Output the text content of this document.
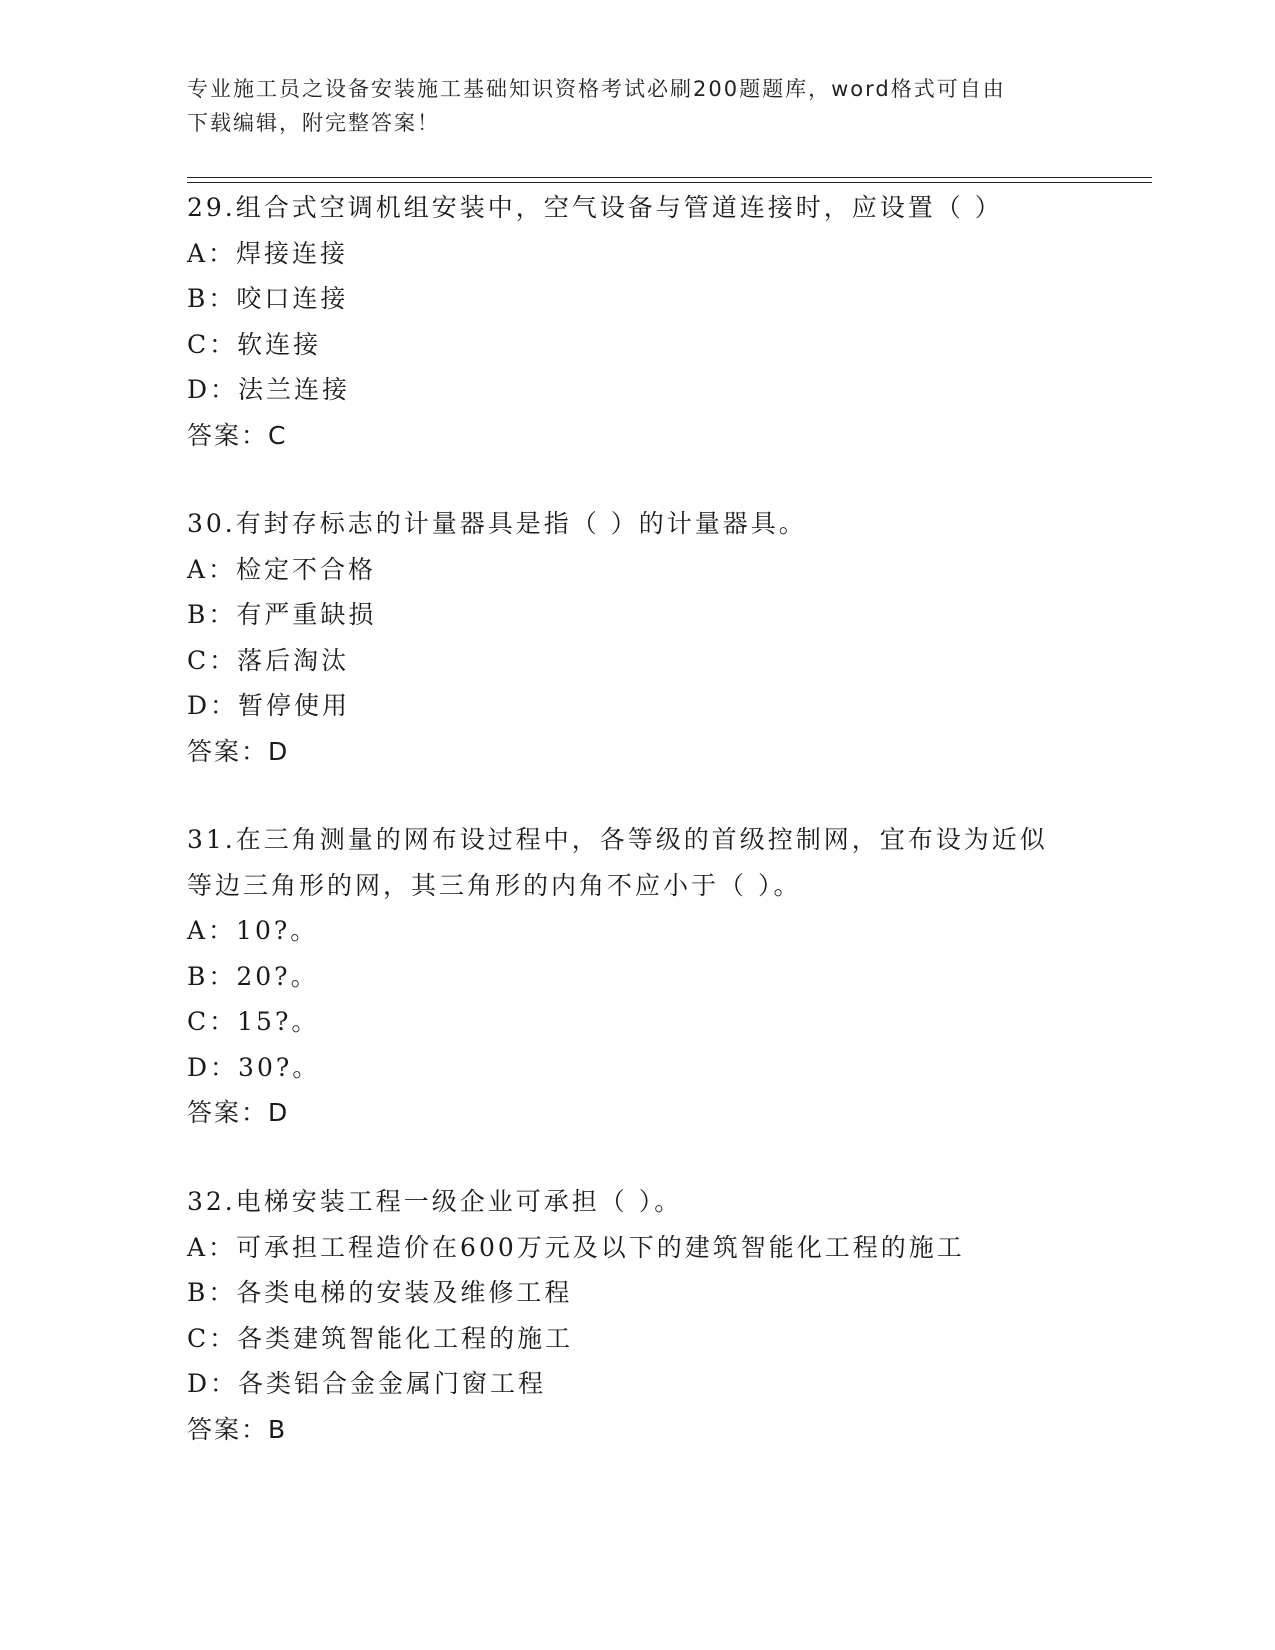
专业施工员之设备安装施工基础知识资格考试必刷200题题库，word格式可自由
下载编辑，附完整答案！
29.组合式空调机组安装中，空气设备与管道连接时，应设置（ ）
A：焊接连接
B：咬口连接
C：软连接
D：法兰连接
答案：C
30.有封存标志的计量器具是指（ ）的计量器具。
A：检定不合格
B：有严重缺损
C：落后淘汰
D：暂停使用
答案：D
31.在三角测量的网布设过程中，各等级的首级控制网，宜布设为近似
等边三角形的网，其三角形的内角不应小于（ ）。
A：10?。
B：20?。
C：15?。
D：30?。
答案：D
32.电梯安装工程一级企业可承担（ ）。
A：可承担工程造价在600万元及以下的建筑智能化工程的施工
B：各类电梯的安装及维修工程
C：各类建筑智能化工程的施工
D：各类铝合金金属门窗工程
答案：B
